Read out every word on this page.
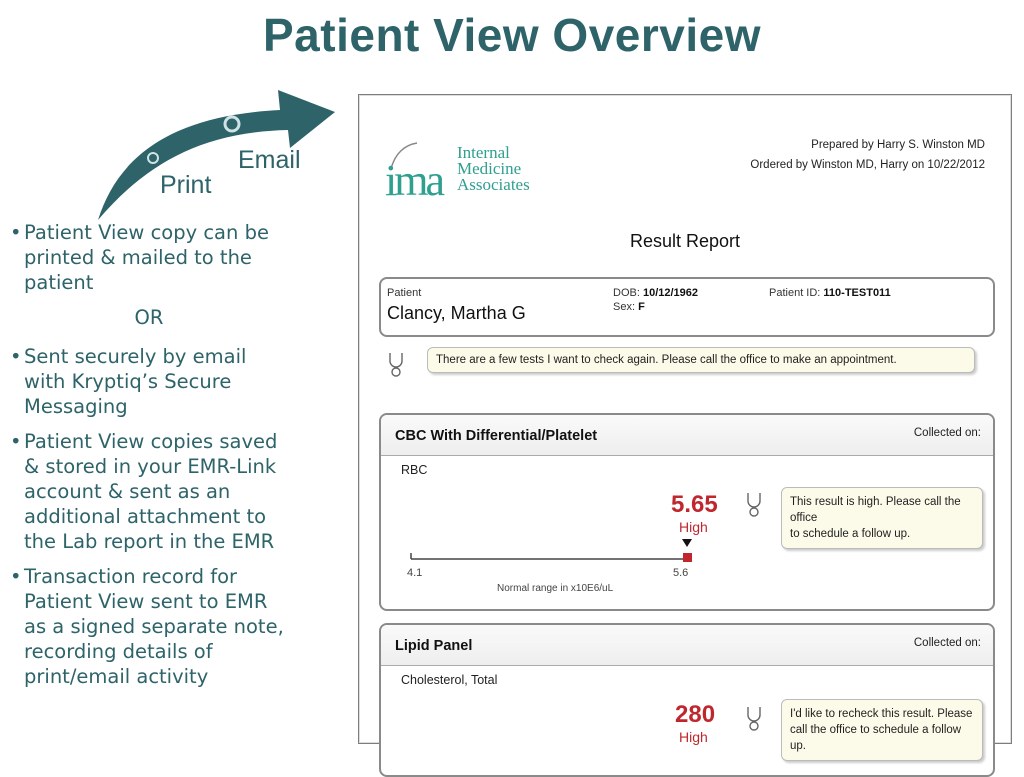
Patient View Overview
Email
Print
• Patient View copy can be printed & mailed to the patient
OR
• Sent securely by email with Kryptiq’s Secure Messaging
• Patient View copies saved & stored in your EMR-Link account & sent as an additional attachment to the Lab report in the EMR
• Transaction record for Patient View sent to EMR as a signed separate note, recording details of print/email activity
ima
Internal
Medicine
Associates
Prepared by Harry S. Winston MD
Ordered by Winston MD, Harry on 10/22/2012
Result Report
Patient
Clancy, Martha G
DOB: 10/12/1962
Sex: F
Patient ID: 110-TEST011
There are a few tests I want to check again. Please call the office to make an appointment.
CBC With Differential/Platelet	Collected on:
RBC
5.65
High
4.1	5.6
Normal range in x10E6/uL
This result is high. Please call the office
to schedule a follow up.
Lipid Panel	Collected on:
Cholesterol, Total
280
High
I'd like to recheck this result. Please
call the office to schedule a follow up.
